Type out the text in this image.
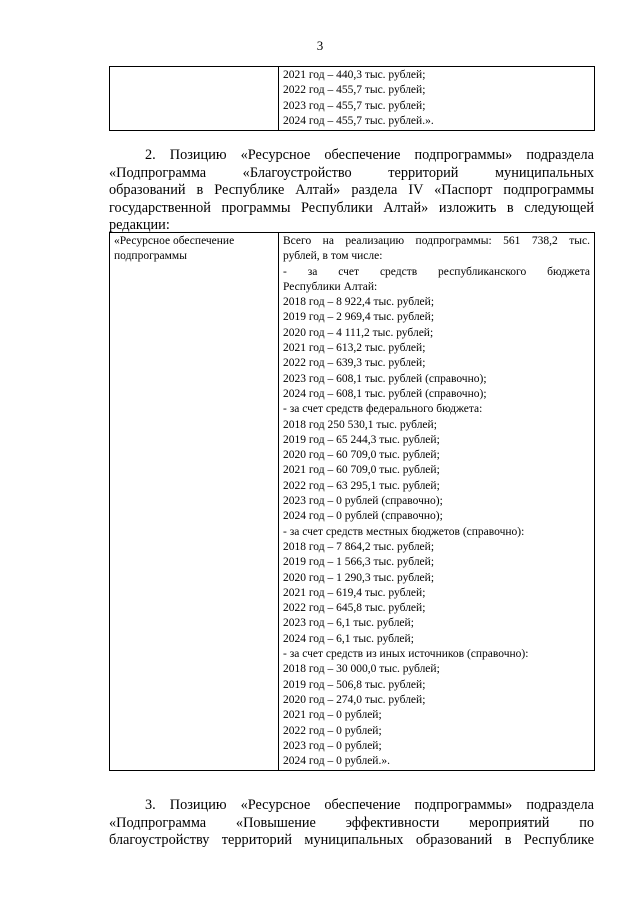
3

2021 год – 440,3 тыс. рублей;
2022 год – 455,7 тыс. рублей;
2023 год – 455,7 тыс. рублей;
2024 год – 455,7 тыс. рублей.».
2. Позицию «Ресурсное обеспечение подпрограммы» подраздела
«Подпрограмма «Благоустройство территорий муниципальных
образований в Республике Алтай» раздела IV «Паспорт подпрограммы
государственной программы Республики Алтай» изложить в следующей
редакции:
«Ресурсное обеспечение
подпрограммы

Всего на реализацию подпрограммы: 561 738,2 тыс.
рублей, в том числе:
- за счет средств республиканского бюджета
Республики Алтай:
2018 год – 8 922,4 тыс. рублей;
2019 год – 2 969,4 тыс. рублей;
2020 год – 4 111,2 тыс. рублей;
2021 год – 613,2 тыс. рублей;
2022 год – 639,3 тыс. рублей;
2023 год – 608,1 тыс. рублей (справочно);
2024 год – 608,1 тыс. рублей (справочно);
- за счет средств федерального бюджета:
2018 год 250 530,1 тыс. рублей;
2019 год – 65 244,3 тыс. рублей;
2020 год – 60 709,0 тыс. рублей;
2021 год – 60 709,0 тыс. рублей;
2022 год – 63 295,1 тыс. рублей;
2023 год – 0 рублей (справочно);
2024 год – 0 рублей (справочно);
- за счет средств местных бюджетов (справочно):
2018 год – 7 864,2 тыс. рублей;
2019 год – 1 566,3 тыс. рублей;
2020 год – 1 290,3 тыс. рублей;
2021 год – 619,4 тыс. рублей;
2022 год – 645,8 тыс. рублей;
2023 год – 6,1 тыс. рублей;
2024 год – 6,1 тыс. рублей;
- за счет средств из иных источников (справочно):
2018 год – 30 000,0 тыс. рублей;
2019 год – 506,8 тыс. рублей;
2020 год – 274,0 тыс. рублей;
2021 год – 0 рублей;
2022 год – 0 рублей;
2023 год – 0 рублей;
2024 год – 0 рублей.».
3. Позицию «Ресурсное обеспечение подпрограммы» подраздела
«Подпрограмма «Повышение эффективности мероприятий по
благоустройству территорий муниципальных образований в Республике
